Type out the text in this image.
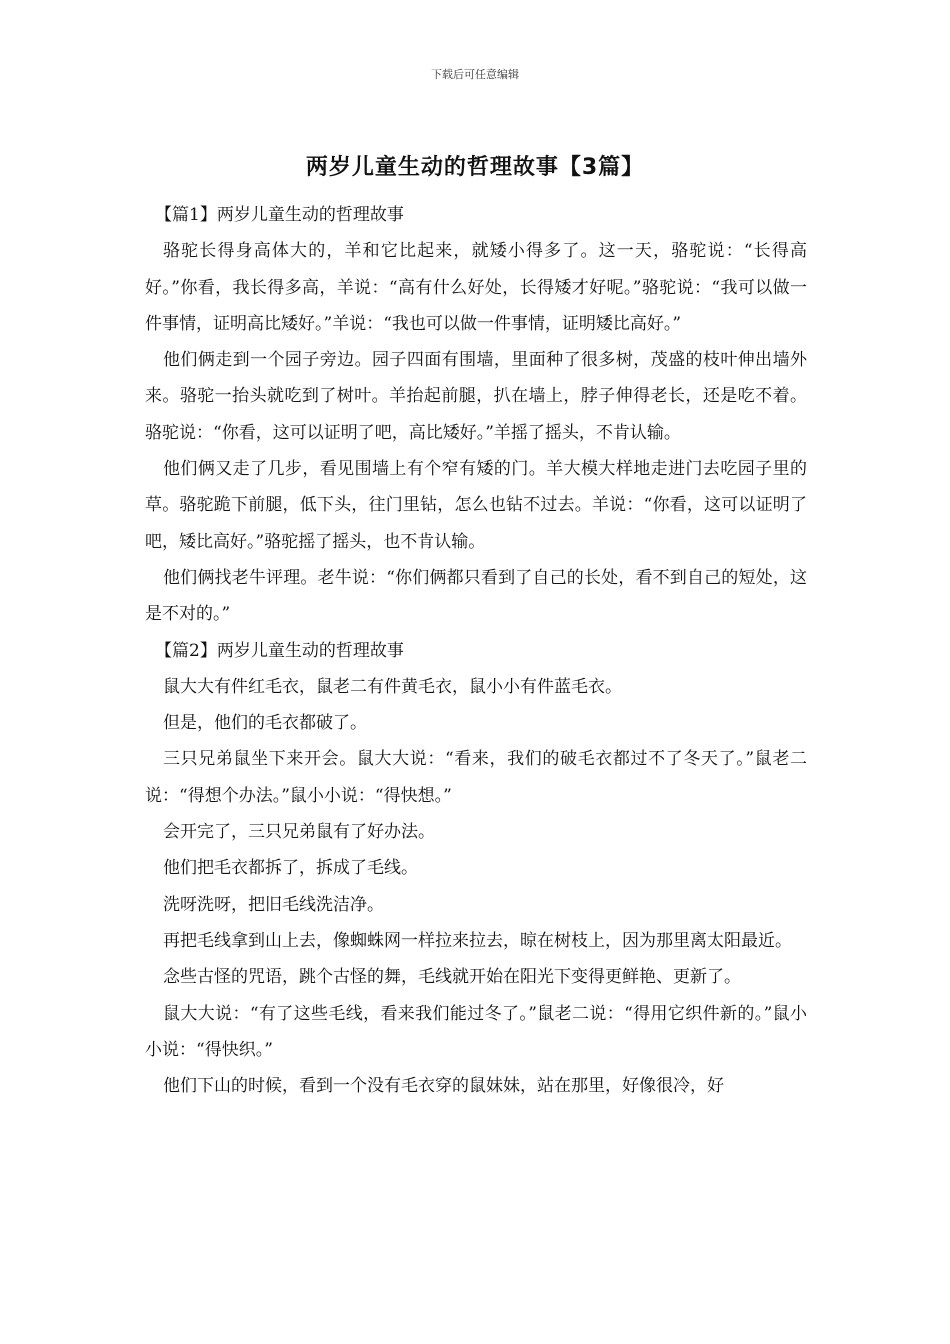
下载后可任意编辑
两岁儿童生动的哲理故事【3篇】

【篇1】两岁儿童生动的哲理故事

骆驼长得身高体大的，羊和它比起来，就矮小得多了。这一天，骆驼说：“长得高好。”你看，我长得多高，羊说：“高有什么好处，长得矮才好呢。”骆驼说：“我可以做一件事情，证明高比矮好。”羊说：“我也可以做一件事情，证明矮比高好。”

他们俩走到一个园子旁边。园子四面有围墙，里面种了很多树，茂盛的枝叶伸出墙外来。骆驼一抬头就吃到了树叶。羊抬起前腿，扒在墙上，脖子伸得老长，还是吃不着。骆驼说：“你看，这可以证明了吧，高比矮好。”羊摇了摇头，不肯认输。

他们俩又走了几步，看见围墙上有个窄有矮的门。羊大模大样地走进门去吃园子里的草。骆驼跪下前腿，低下头，往门里钻，怎么也钻不过去。羊说：“你看，这可以证明了吧，矮比高好。”骆驼摇了摇头，也不肯认输。

他们俩找老牛评理。老牛说：“你们俩都只看到了自己的长处，看不到自己的短处，这是不对的。”

【篇2】两岁儿童生动的哲理故事

鼠大大有件红毛衣，鼠老二有件黄毛衣，鼠小小有件蓝毛衣。

但是，他们的毛衣都破了。

三只兄弟鼠坐下来开会。鼠大大说：“看来，我们的破毛衣都过不了冬天了。”鼠老二说：“得想个办法。”鼠小小说：“得快想。”

会开完了，三只兄弟鼠有了好办法。

他们把毛衣都拆了，拆成了毛线。

洗呀洗呀，把旧毛线洗洁净。

再把毛线拿到山上去，像蜘蛛网一样拉来拉去，晾在树枝上，因为那里离太阳最近。

念些古怪的咒语，跳个古怪的舞，毛线就开始在阳光下变得更鲜艳、更新了。

鼠大大说：“有了这些毛线，看来我们能过冬了。”鼠老二说：“得用它织件新的。”鼠小小说：“得快织。”

他们下山的时候，看到一个没有毛衣穿的鼠妹妹，站在那里，好像很冷，好
